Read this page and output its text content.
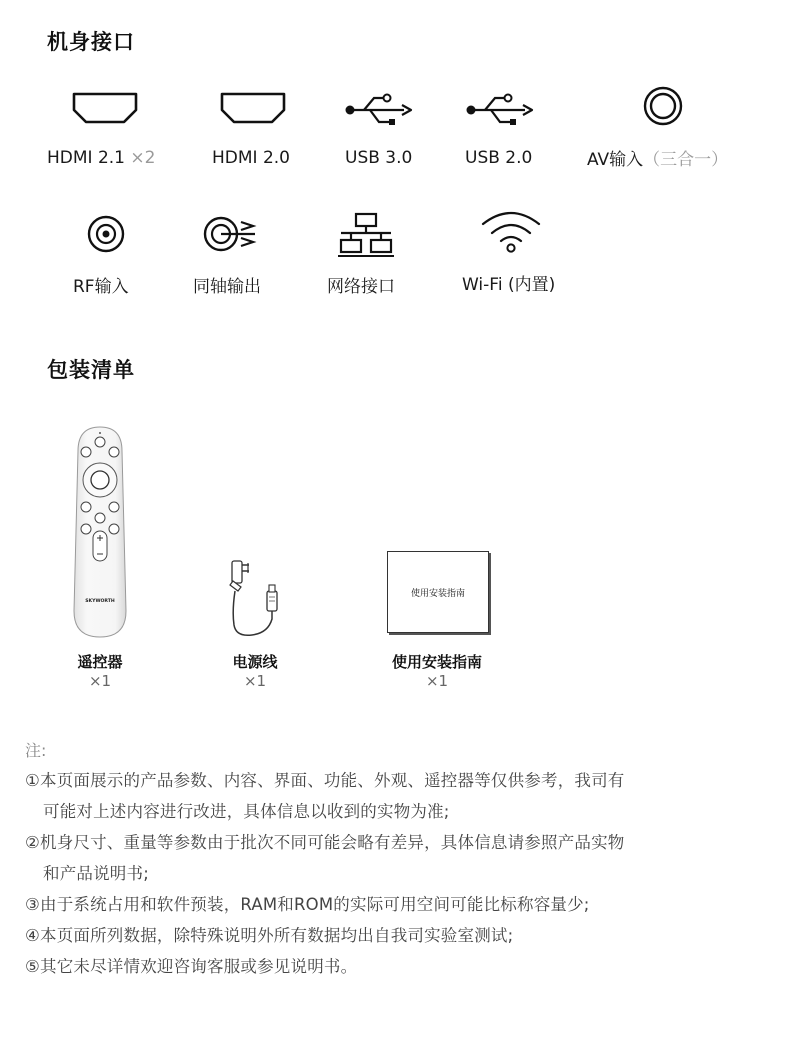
机身接口
HDMI 2.1 ×2	HDMI 2.0	USB 3.0	USB 2.0	AV输入（三合一）
RF输入	同轴输出	网络接口	Wi-Fi (内置)
包装清单
SKYWORTH
使用安装指南
遥控器
×1
电源线
×1
使用安装指南
×1
注:
①本页面展示的产品参数、内容、界面、功能、外观、遥控器等仅供参考，我司有
可能对上述内容进行改进，具体信息以收到的实物为准;
②机身尺寸、重量等参数由于批次不同可能会略有差异，具体信息请参照产品实物
和产品说明书;
③由于系统占用和软件预装，RAM和ROM的实际可用空间可能比标称容量少;
④本页面所列数据，除特殊说明外所有数据均出自我司实验室测试;
⑤其它未尽详情欢迎咨询客服或参见说明书。
